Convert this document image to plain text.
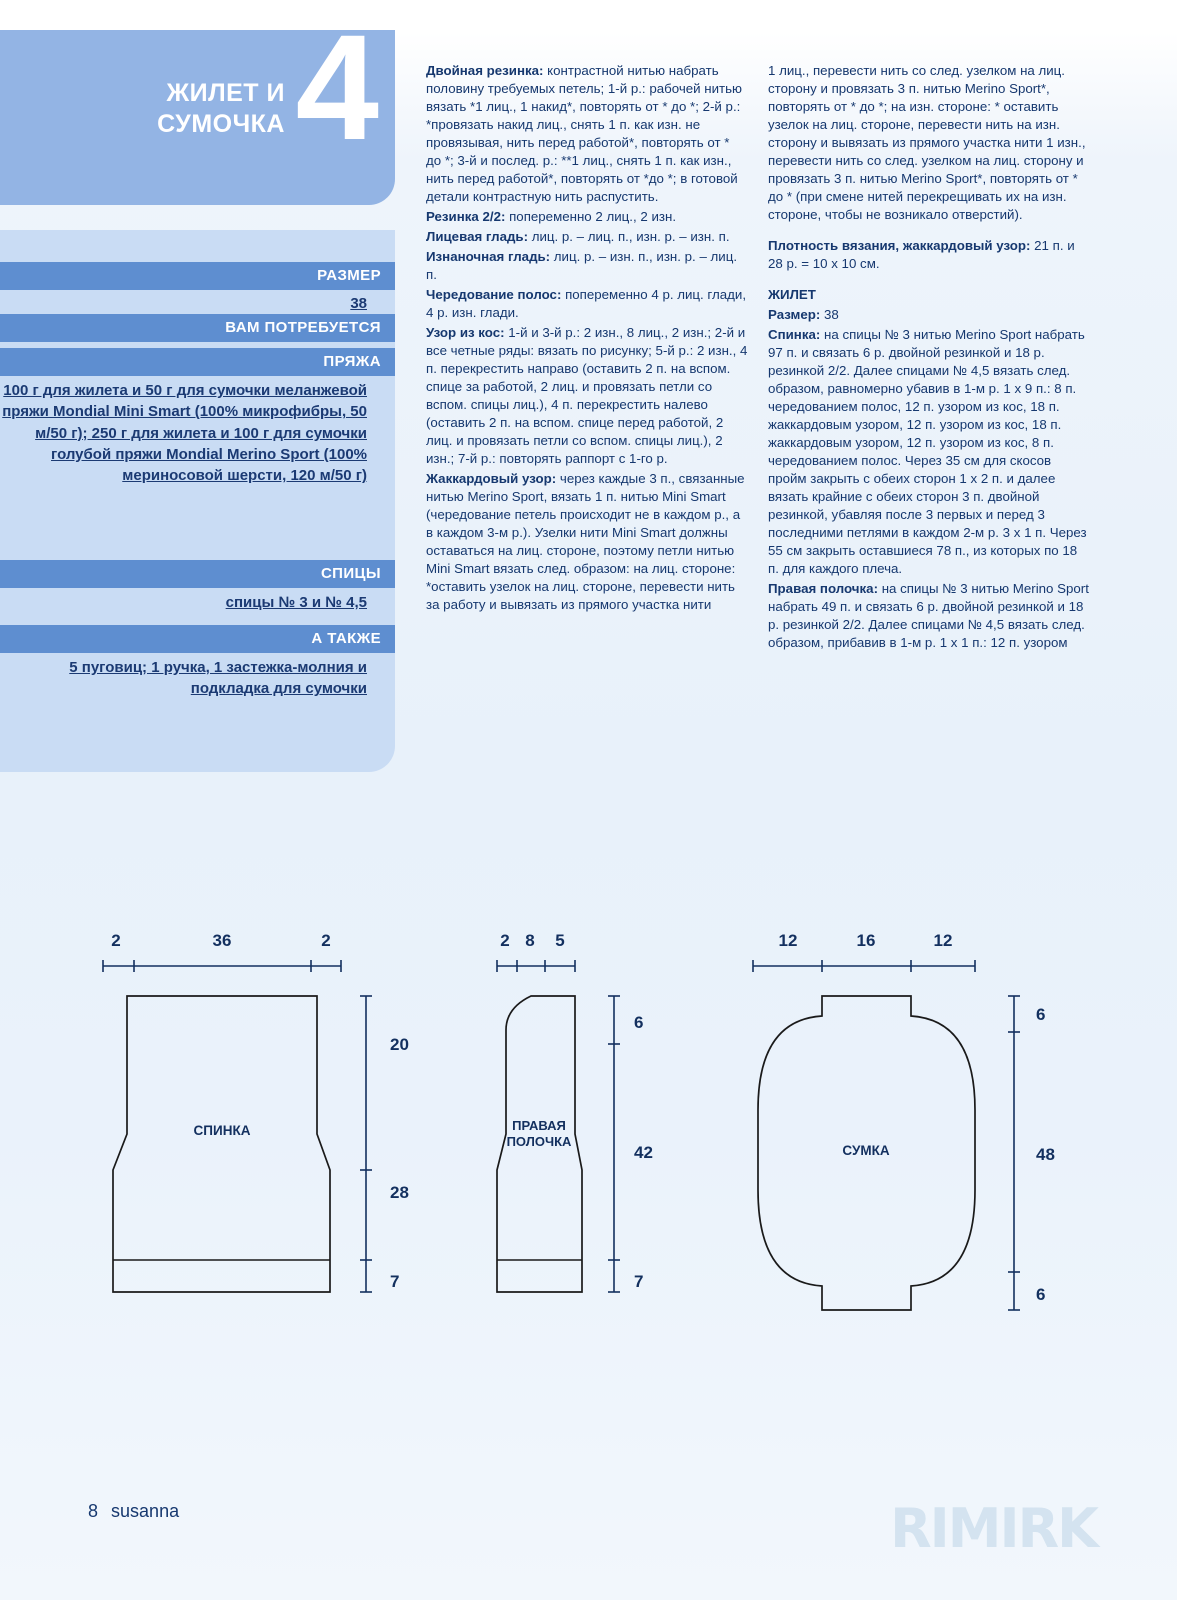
ЖИЛЕТ И
СУМОЧКА 4
РАЗМЕР
38
ВАМ ПОТРЕБУЕТСЯ
ПРЯЖА
100 г для жилета и 50 г для сумочки меланжевой пряжи Mondial Mini Smart (100% микрофибры, 50 м/50 г); 250 г для жилета и 100 г для сумочки голубой пряжи Mondial Merino Sport (100% мериносовой шерсти, 120 м/50 г)
СПИЦЫ
спицы № 3 и № 4,5
А ТАКЖЕ
5 пуговиц; 1 ручка, 1 застежка-молния и подкладка для сумочки

Двойная резинка: контрастной нитью набрать половину требуемых петель; 1-й р.: рабочей нитью вязать *1 лиц., 1 накид*, повторять от * до *; 2-й р.: *провязать накид лиц., снять 1 п. как изн. не провязывая, нить перед работой*, повторять от * до *; 3-й и послед. р.: **1 лиц., снять 1 п. как изн., нить перед работой*, повторять от *до *; в готовой детали контрастную нить распустить.

Резинка 2/2: попеременно 2 лиц., 2 изн.

Лицевая гладь: лиц. р. – лиц. п., изн. р. – изн. п.

Изнаночная гладь: лиц. р. – изн. п., изн. р. – лиц. п.

Чередование полос: попеременно 4 р. лиц. глади, 4 р. изн. глади.

Узор из кос: 1-й и 3-й р.: 2 изн., 8 лиц., 2 изн.; 2-й и все четные ряды: вязать по рисунку; 5-й р.: 2 изн., 4 п. перекрестить направо (оставить 2 п. на вспом. спице за работой, 2 лиц. и провязать петли со вспом. спицы лиц.), 4 п. перекрестить налево (оставить 2 п. на вспом. спице перед работой, 2 лиц. и провязать петли со вспом. спицы лиц.), 2 изн.; 7-й р.: повторять раппорт с 1-го р.

Жаккардовый узор: через каждые 3 п., связанные нитью Merino Sport, вязать 1 п. нитью Mini Smart (чередование петель происходит не в каждом р., а в каждом 3-м р.). Узелки нити Mini Smart должны оставаться на лиц. стороне, поэтому петли нитью Mini Smart вязать след. образом: на лиц. стороне: *оставить узелок на лиц. стороне, перевести нить за работу и вывязать из прямого участка нити

1 лиц., перевести нить со след. узелком на лиц. сторону и провязать 3 п. нитью Merino Sport*, повторять от * до *; на изн. стороне: * оставить узелок на лиц. стороне, перевести нить на изн. сторону и вывязать из прямого участка нити 1 изн., перевести нить со след. узелком на лиц. сторону и провязать 3 п. нитью Merino Sport*, повторять от * до * (при смене нитей перекрещивать их на изн. стороне, чтобы не возникало отверстий).

Плотность вязания, жаккардовый узор: 21 п. и 28 р. = 10 х 10 см.

ЖИЛЕТ

Размер: 38

Спинка: на спицы № 3 нитью Merino Sport набрать 97 п. и связать 6 р. двойной резинкой и 18 р. резинкой 2/2. Далее спицами № 4,5 вязать след. образом, равномерно убавив в 1-м р. 1 х 9 п.: 8 п. чередованием полос, 12 п. узором из кос, 18 п. жаккардовым узором, 12 п. узором из кос, 18 п. жаккардовым узором, 12 п. узором из кос, 8 п. чередованием полос. Через 35 см для скосов пройм закрыть с обеих сторон 1 х 2 п. и далее вязать крайние с обеих сторон 3 п. двойной резинкой, убавляя после 3 первых и перед 3 последними петлями в каждом 2-м р. 3 х 1 п. Через 55 см закрыть оставшиеся 78 п., из которых по 18 п. для каждого плеча.

Правая полочка: на спицы № 3 нитью Merino Sport набрать 49 п. и связать 6 р. двойной резинкой и 18 р. резинкой 2/2. Далее спицами № 4,5 вязать след. образом, прибавив в 1-м р. 1 х 1 п.: 12 п. узором

2	36	2
СПИНКА
20
28
7
2 8 5
ПРАВАЯ
ПОЛОЧКА
6
42
7
12	16	12
СУМКА
6
48
6
8 susanna	RIMIRK
